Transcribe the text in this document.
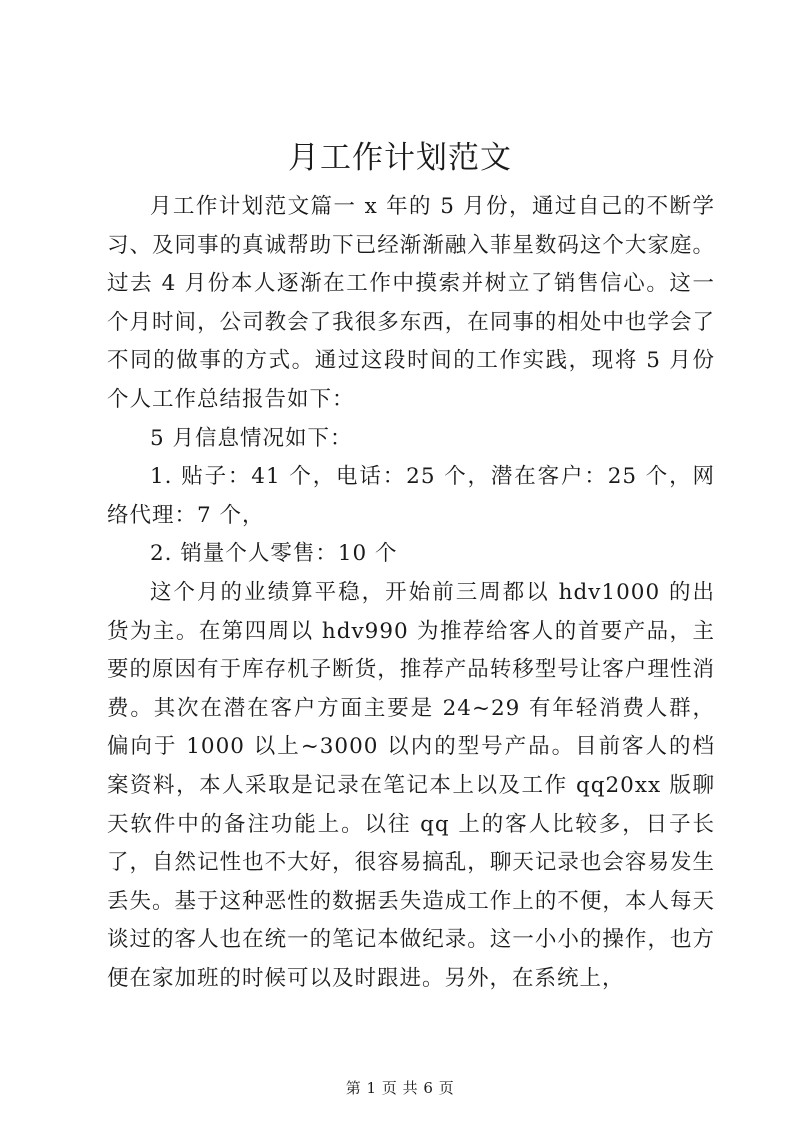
月工作计划范文

月工作计划范文篇一 x 年的 5 月份，通过自己的不断学习、及同事的真诚帮助下已经渐渐融入菲星数码这个大家庭。过去 4 月份本人逐渐在工作中摸索并树立了销售信心。这一个月时间，公司教会了我很多东西，在同事的相处中也学会了不同的做事的方式。通过这段时间的工作实践，现将 5 月份个人工作总结报告如下：

5 月信息情况如下：

1. 贴子：41 个，电话：25 个，潜在客户：25 个，网络代理：7 个，

2. 销量个人零售：10 个

这个月的业绩算平稳，开始前三周都以 hdv1000 的出货为主。在第四周以 hdv990 为推荐给客人的首要产品，主要的原因有于库存机子断货，推荐产品转移型号让客户理性消费。其次在潜在客户方面主要是 24~29 有年轻消费人群，偏向于 1000 以上~3000 以内的型号产品。目前客人的档案资料，本人采取是记录在笔记本上以及工作 qq20xx 版聊天软件中的备注功能上。以往 qq 上的客人比较多，日子长了，自然记性也不大好，很容易搞乱，聊天记录也会容易发生丢失。基于这种恶性的数据丢失造成工作上的不便，本人每天谈过的客人也在统一的笔记本做纪录。这一小小的操作，也方便在家加班的时候可以及时跟进。另外，在系统上，

第 1 页 共 6 页
